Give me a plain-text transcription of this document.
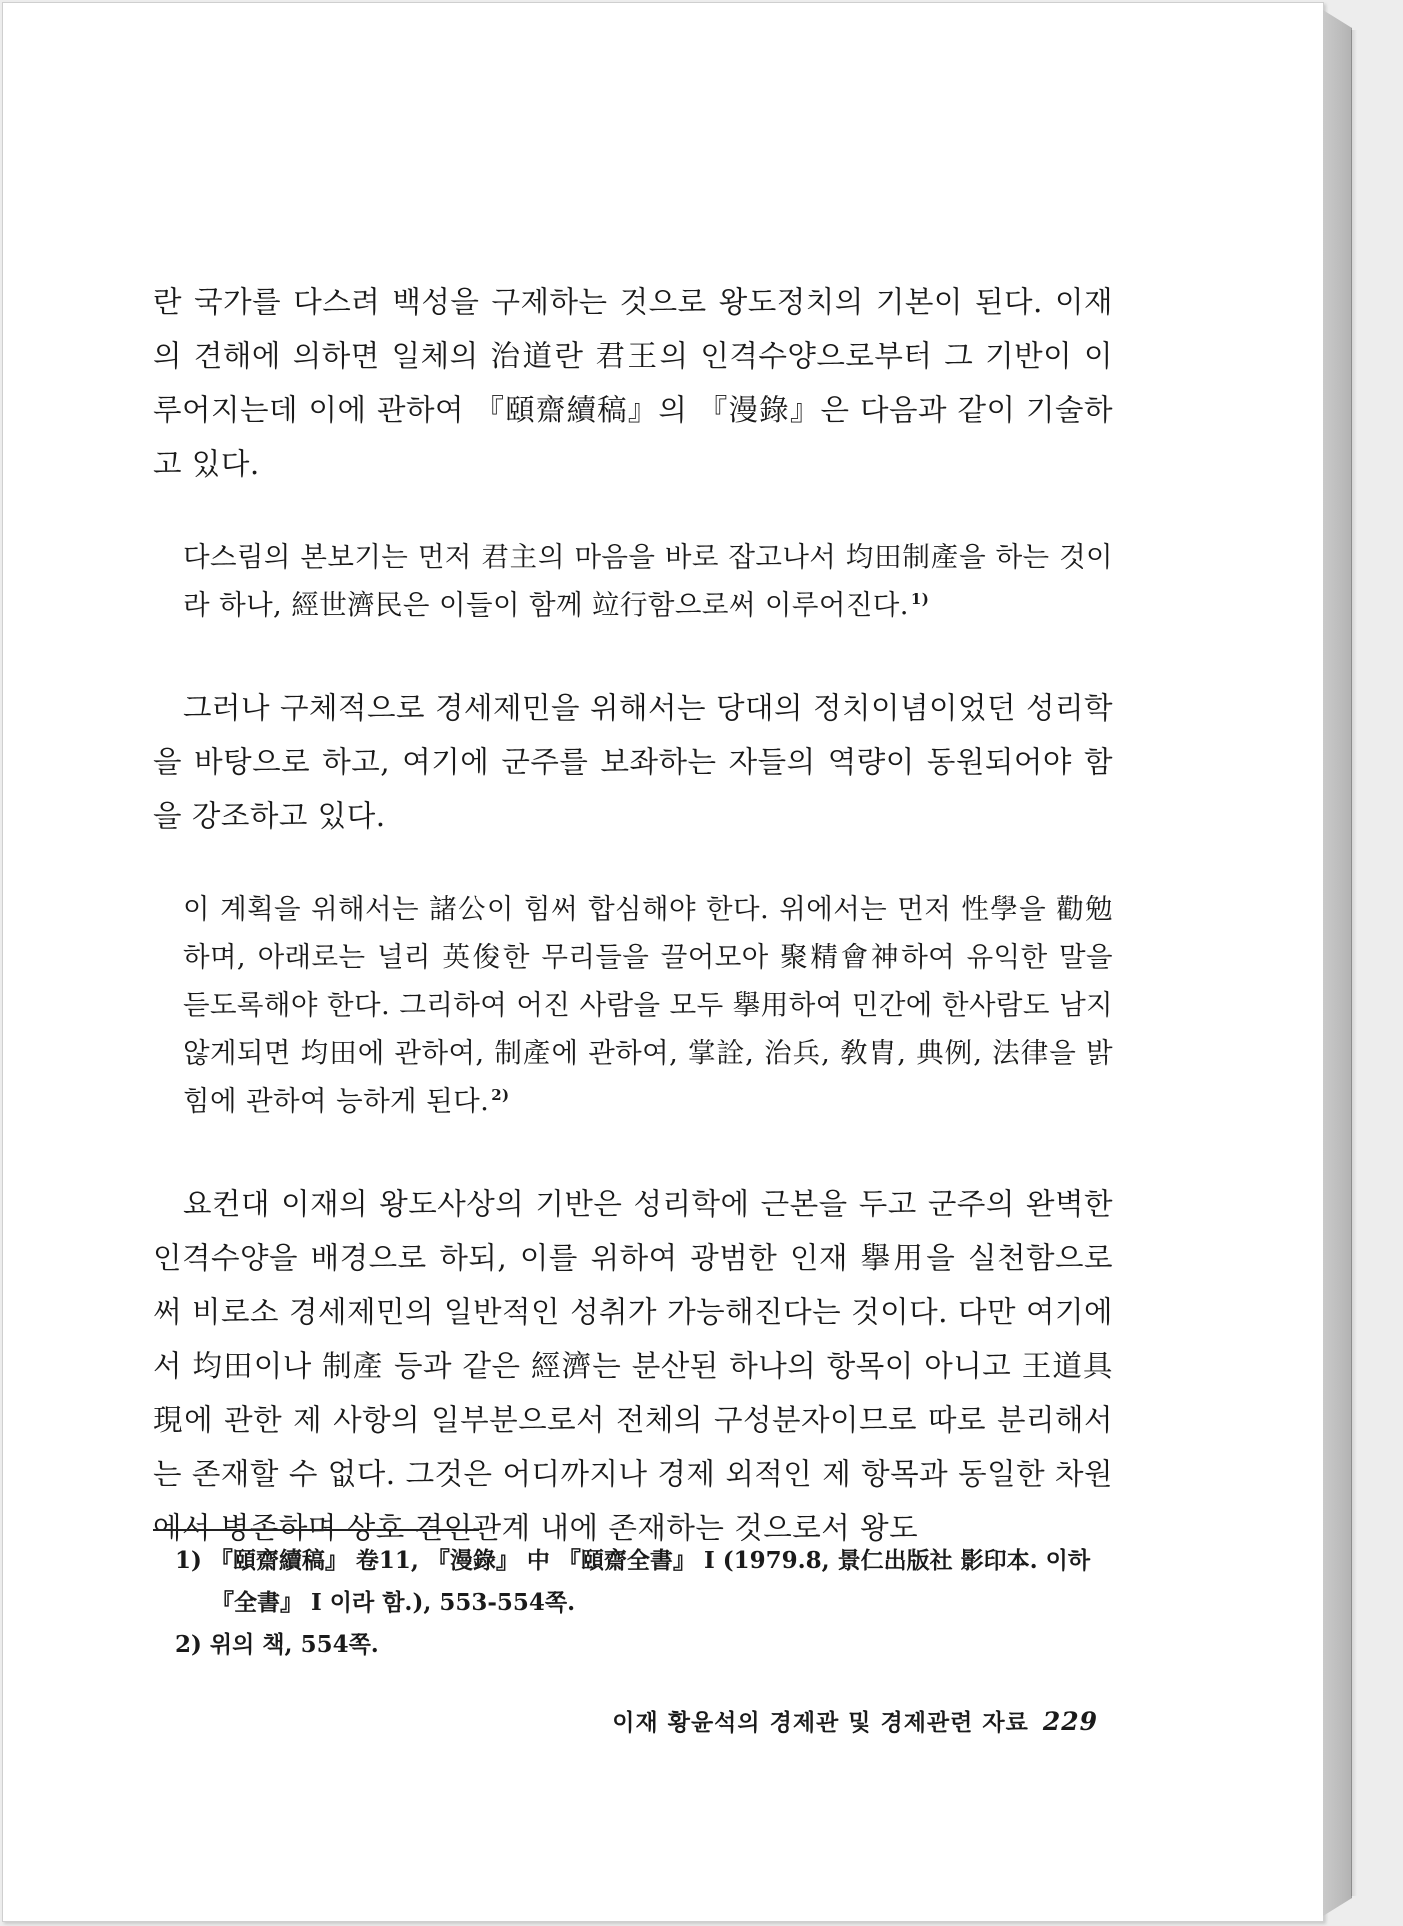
란 국가를 다스려 백성을 구제하는 것으로 왕도정치의 기본이 된다. 이재의 견해에 의하면 일체의 治道란 君王의 인격수양으로부터 그 기반이 이루어지는데 이에 관하여 『頤齋續稿』의 『漫錄』은 다음과 같이 기술하고 있다.

다스림의 본보기는 먼저 君主의 마음을 바로 잡고나서 均田制產을 하는 것이라 하나, 經世濟民은 이들이 함께 竝行함으로써 이루어진다. $^{1)}$

그러나 구체적으로 경세제민을 위해서는 당대의 정치이념이었던 성리학을 바탕으로 하고, 여기에 군주를 보좌하는 자들의 역량이 동원되어야 함을 강조하고 있다.

이 계획을 위해서는 諸公이 힘써 합심해야 한다. 위에서는 먼저 性學을 勸勉하며, 아래로는 널리 英俊한 무리들을 끌어모아 聚精會神하여 유익한 말을 듣도록해야 한다. 그리하여 어진 사람을 모두 擧用하여 민간에 한사람도 남지 않게되면 均田에 관하여, 制產에 관하여, 掌詮, 治兵, 敎胄, 典例, 法律을 밝힘에 관하여 능하게 된다. $^{2)}$

요컨대 이재의 왕도사상의 기반은 성리학에 근본을 두고 군주의 완벽한 인격수양을 배경으로 하되, 이를 위하여 광범한 인재 擧用을 실천함으로써 비로소 경세제민의 일반적인 성취가 가능해진다는 것이다. 다만 여기에서 均田이나 制產 등과 같은 經濟는 분산된 하나의 항목이 아니고 王道具現에 관한 제 사항의 일부분으로서 전체의 구성분자이므로 따로 분리해서는 존재할 수 없다. 그것은 어디까지나 경제 외적인 제 항목과 동일한 차원에서 병존하며 상호 견인관계 내에 존재하는 것으로서 왕도

1) 『頤齋續稿』 卷11, 『漫錄』 中 『頤齋全書』 Ⅰ (1979.8, 景仁出版社 影印本. 이하 『全書』 Ⅰ 이라 함.), 553-554쪽.

2) 위의 책, 554쪽.

이재 황윤석의 경제관 및 경제관련 자료 229
